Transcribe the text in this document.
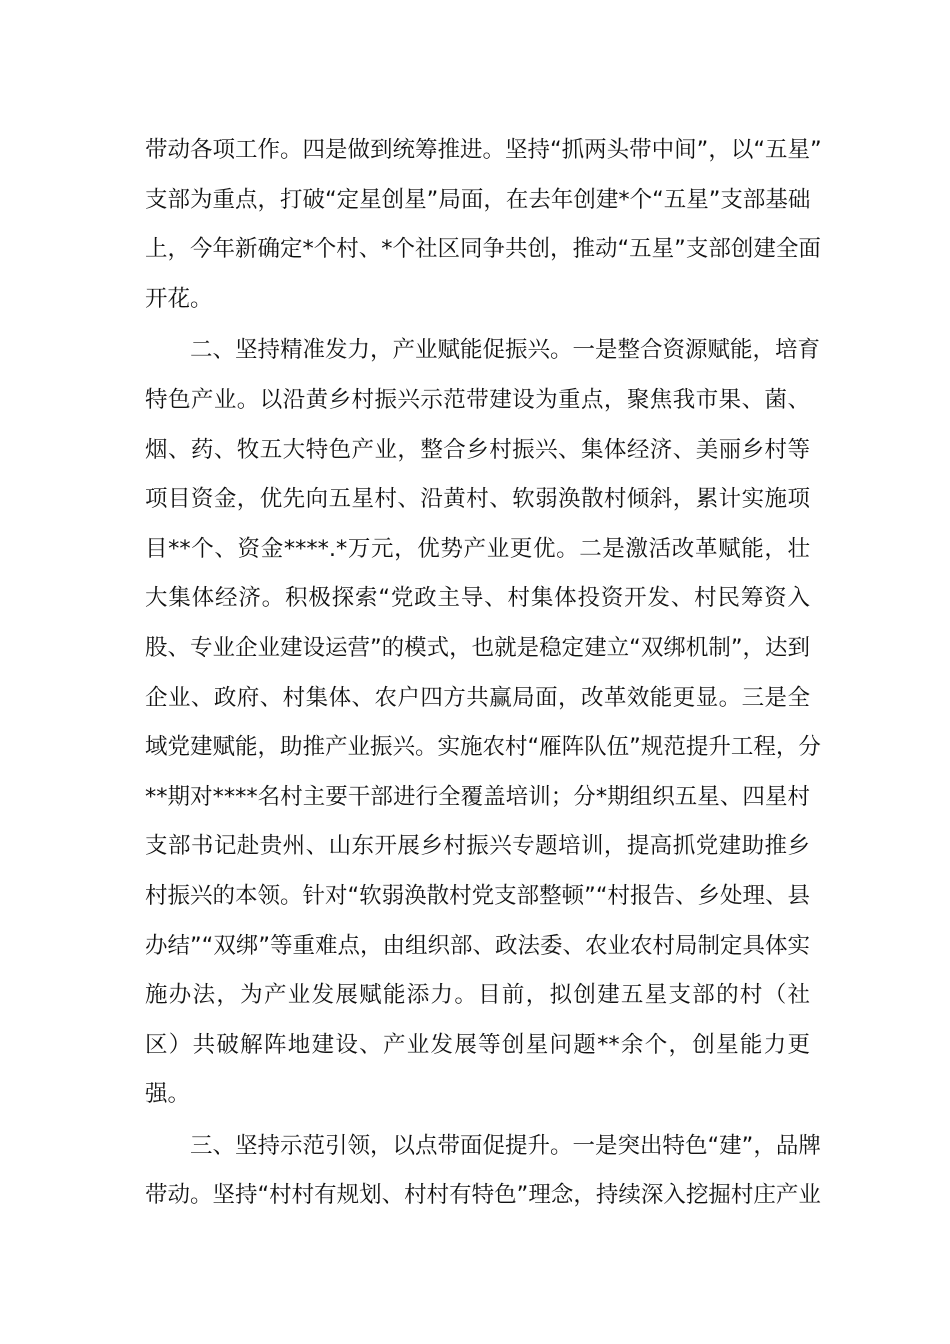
带动各项工作。四是做到统筹推进。坚持“抓两头带中间”，以“五星”
支部为重点，打破“定星创星”局面，在去年创建*个“五星”支部基础
上，今年新确定*个村、*个社区同争共创，推动“五星”支部创建全面
开花。
　　二、坚持精准发力，产业赋能促振兴。一是整合资源赋能，培育
特色产业。以沿黄乡村振兴示范带建设为重点，聚焦我市果、菌、
烟、药、牧五大特色产业，整合乡村振兴、集体经济、美丽乡村等
项目资金，优先向五星村、沿黄村、软弱涣散村倾斜，累计实施项
目**个、资金****.*万元，优势产业更优。二是激活改革赋能，壮
大集体经济。积极探索“党政主导、村集体投资开发、村民筹资入
股、专业企业建设运营”的模式，也就是稳定建立“双绑机制”，达到
企业、政府、村集体、农户四方共赢局面，改革效能更显。三是全
域党建赋能，助推产业振兴。实施农村“雁阵队伍”规范提升工程，分
**期对****名村主要干部进行全覆盖培训；分*期组织五星、四星村
支部书记赴贵州、山东开展乡村振兴专题培训，提高抓党建助推乡
村振兴的本领。针对“软弱涣散村党支部整顿”“村报告、乡处理、县
办结”“双绑”等重难点，由组织部、政法委、农业农村局制定具体实
施办法，为产业发展赋能添力。目前，拟创建五星支部的村（社
区）共破解阵地建设、产业发展等创星问题**余个，创星能力更
强。
　　三、坚持示范引领，以点带面促提升。一是突出特色“建”，品牌
带动。坚持“村村有规划、村村有特色”理念，持续深入挖掘村庄产业
